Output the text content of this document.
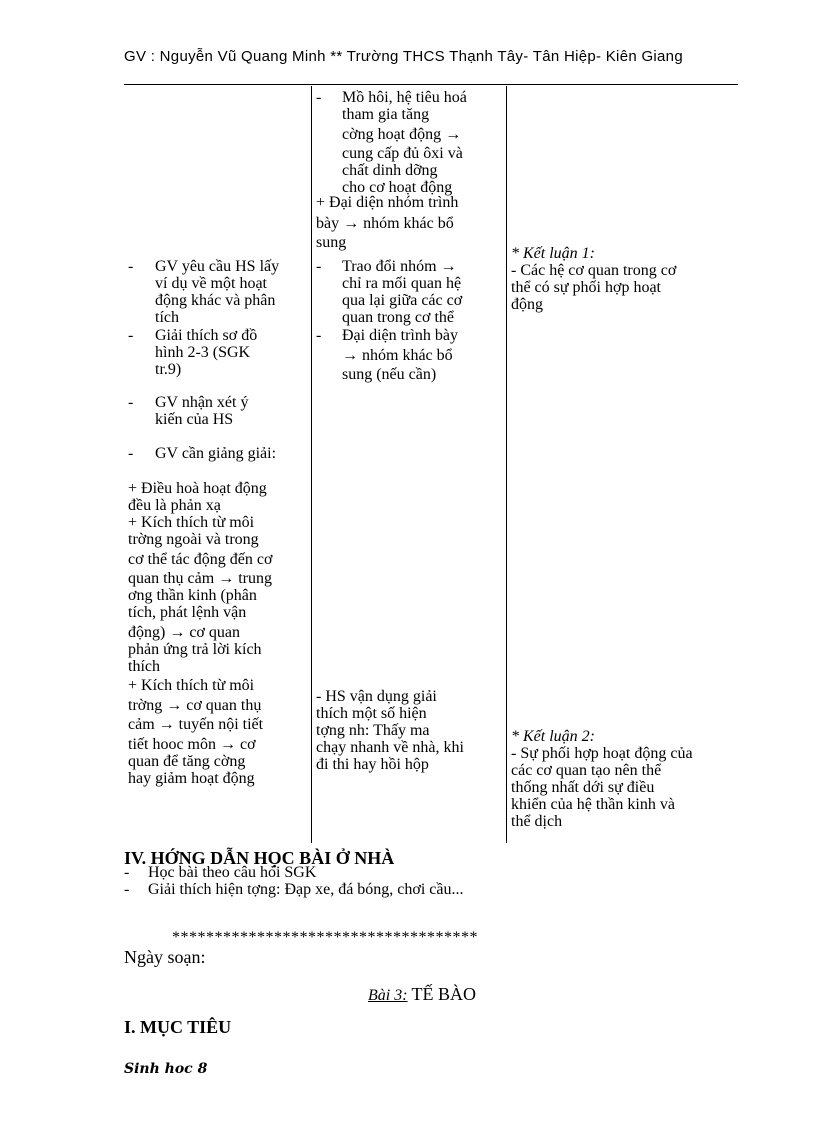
GV : Nguyễn Vũ Quang Minh ** Trường THCS Thạnh Tây- Tân Hiệp- Kiên Giang
- GV yêu cầu HS lấy
ví dụ về một hoạt
động khác và phân
tích
- Giải thích sơ đồ
hình 2-3 (SGK
tr.9)
- GV nhận xét ý
kiến của HS
- GV cần giảng giải:
+ Điều hoà hoạt động
đều là phản xạ
+ Kích thích từ môi
trờng ngoài và trong
cơ thể tác động đến cơ
quan thụ cảm → trung
ơng thần kinh (phân
tích, phát lệnh vận
động) → cơ quan
phản ứng trả lời kích
thích
+ Kích thích từ môi
trờng → cơ quan thụ
cảm → tuyến nội tiết
tiết hooc môn → cơ
quan để tăng cờng
hay giảm hoạt động
- Mồ hôi, hệ tiêu hoá
tham gia tăng
cờng hoạt động →
cung cấp đủ ôxi và
chất dinh dỡng
cho cơ hoạt động
+ Đại diện nhóm trình
bày → nhóm khác bổ
sung
- Trao đổi nhóm →
chỉ ra mối quan hệ
qua lại giữa các cơ
quan trong cơ thể
- Đại diện trình bày
→ nhóm khác bổ
sung (nếu cần)
- HS vận dụng giải
thích một số hiện
tợng nh: Thấy ma
chạy nhanh về nhà, khi
đi thi hay hồi hộp
* Kết luận 1:
- Các hệ cơ quan trong cơ
thể có sự phối hợp hoạt
động
* Kết luận 2:
- Sự phối hợp hoạt động của
các cơ quan tạo nên thể
thống nhất dới sự điều
khiển của hệ thần kinh và
thể dịch
IV. HỚNG DẪN HỌC BÀI Ở NHÀ
- Học bài theo câu hỏi SGK
- Giải thích hiện tợng: Đạp xe, đá bóng, chơi cầu...
************************************
Ngày soạn:
Bài 3: TẾ BÀO
I. MỤC TIÊU
Sinh hoc 8
